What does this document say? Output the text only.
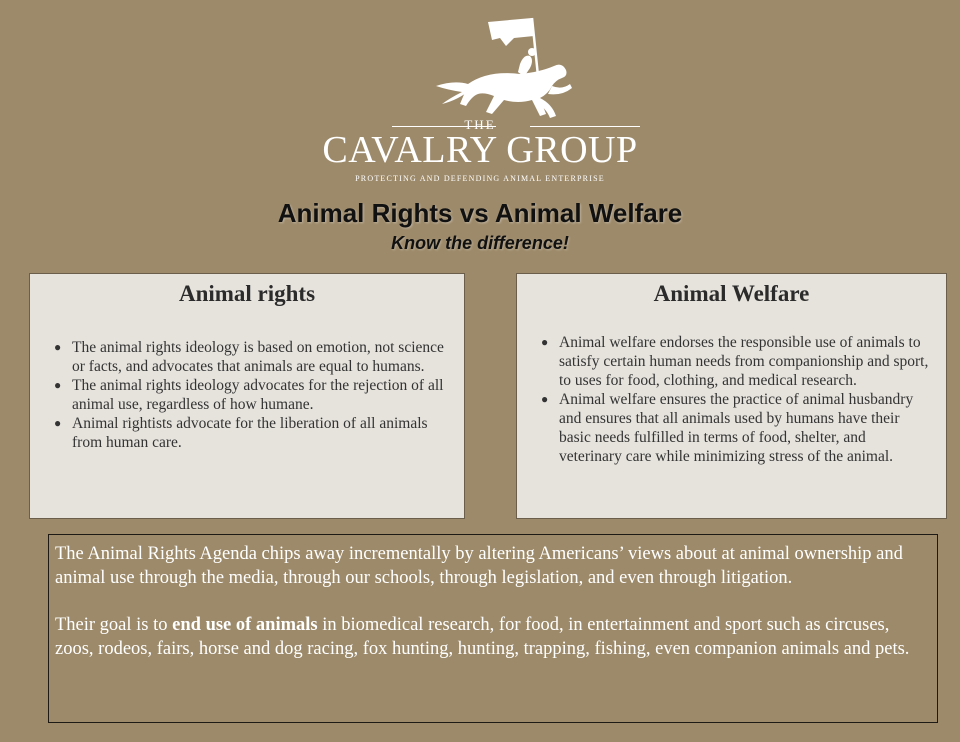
THE
CAVALRY GROUP
PROTECTING AND DEFENDING ANIMAL ENTERPRISE
Animal Rights vs Animal Welfare
Know the difference!
Animal rights
● The animal rights ideology is based on emotion, not science or facts, and advocates that animals are equal to humans.
● The animal rights ideology advocates for the rejection of all animal use, regardless of how humane.
● Animal rightists advocate for the liberation of all animals from human care.
Animal Welfare
● Animal welfare endorses the responsible use of animals to satisfy certain human needs from companionship and sport, to uses for food, clothing, and medical research.
● Animal welfare ensures the practice of animal husbandry and ensures that all animals used by humans have their basic needs fulfilled in terms of food, shelter, and veterinary care while minimizing stress of the animal.

The Animal Rights Agenda chips away incrementally by altering Americans’ views about at animal ownership and animal use through the media, through our schools, through legislation, and even through litigation.

Their goal is to end use of animals in biomedical research, for food, in entertainment and sport such as circuses, zoos, rodeos, fairs, horse and dog racing, fox hunting, hunting, trapping, fishing, even companion animals and pets.
